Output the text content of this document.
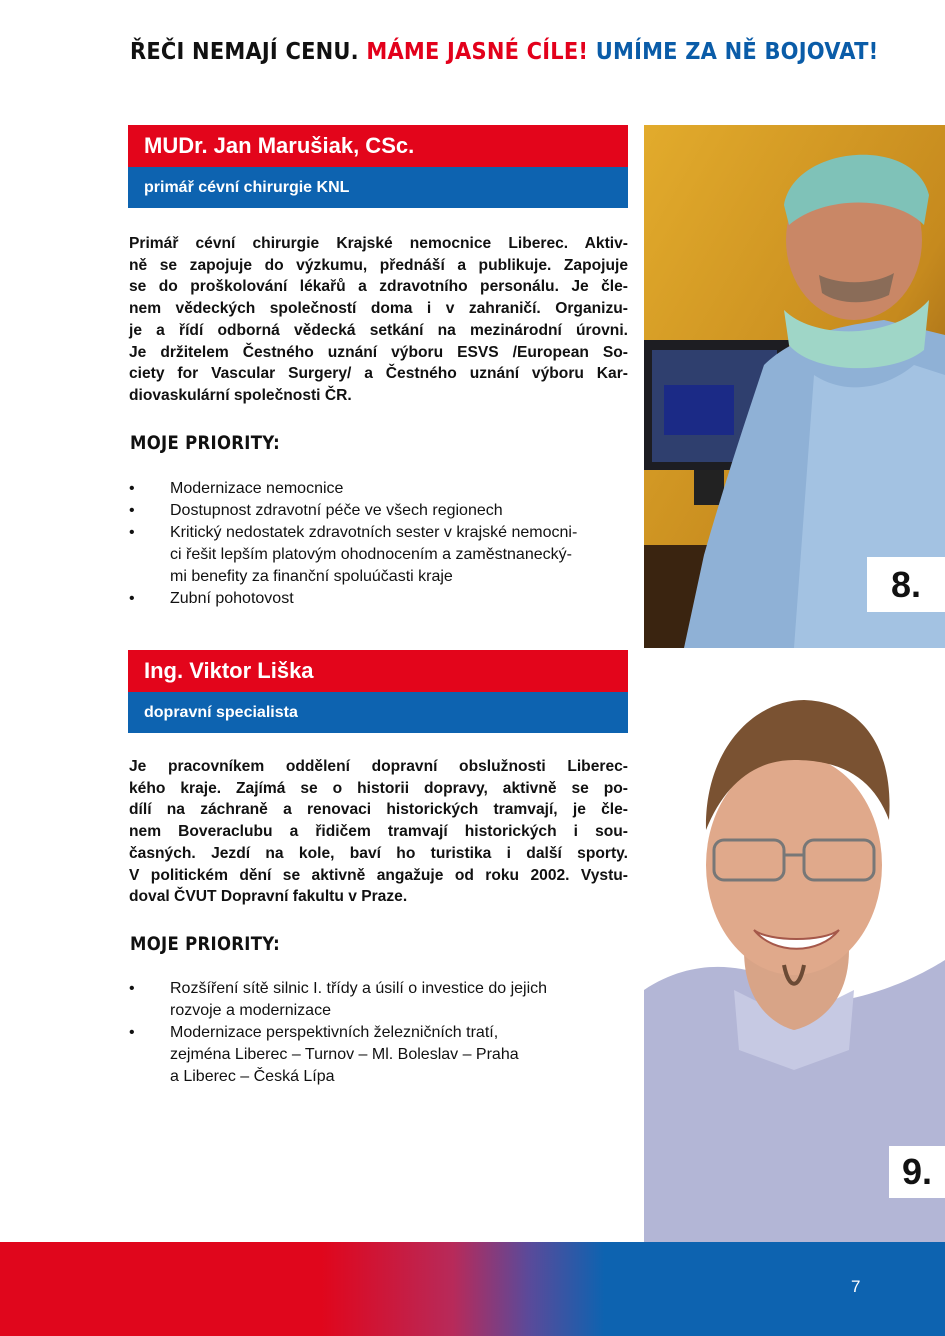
ŘEČI NEMAJÍ CENU. MÁME JASNÉ CÍLE! UMÍME ZA NĚ BOJOVAT!
MUDr. Jan Marušiak, CSc.
primář cévní chirurgie KNL
Primář cévní chirurgie Krajské nemocnice Liberec. Aktiv-
ně se zapojuje do výzkumu, přednáší a publikuje. Zapojuje
se do proškolování lékařů a zdravotního personálu. Je čle-
nem vědeckých společností doma i v zahraničí. Organizu-
je a řídí odborná vědecká setkání na mezinárodní úrovni.
Je držitelem Čestného uznání výboru ESVS /European So-
ciety for Vascular Surgery/ a Čestného uznání výboru Kar-
diovaskulární společnosti ČR.
MOJE PRIORITY:
• Modernizace nemocnice
• Dostupnost zdravotní péče ve všech regionech
• Kritický nedostatek zdravotních sester v krajské nemocni-
ci řešit lepším platovým ohodnocením a zaměstnanecký-
mi benefity za finanční spoluúčasti kraje
• Zubní pohotovost	8.
Ing. Viktor Liška
dopravní specialista
Je pracovníkem oddělení dopravní obslužnosti Liberec-
kého kraje. Zajímá se o historii dopravy, aktivně se po-
dílí na záchraně a renovaci historických tramvají, je čle-
nem Boveraclubu a řidičem tramvají historických i sou-
časných. Jezdí na kole, baví ho turistika i další sporty.
V politickém dění se aktivně angažuje od roku 2002. Vystu-
doval ČVUT Dopravní fakultu v Praze.
MOJE PRIORITY:
• Rozšíření sítě silnic I. třídy a úsilí o investice do jejich
rozvoje a modernizace
• Modernizace perspektivních železničních tratí,
zejména Liberec – Turnov – Ml. Boleslav – Praha
a Liberec – Česká Lípa
9.
7
